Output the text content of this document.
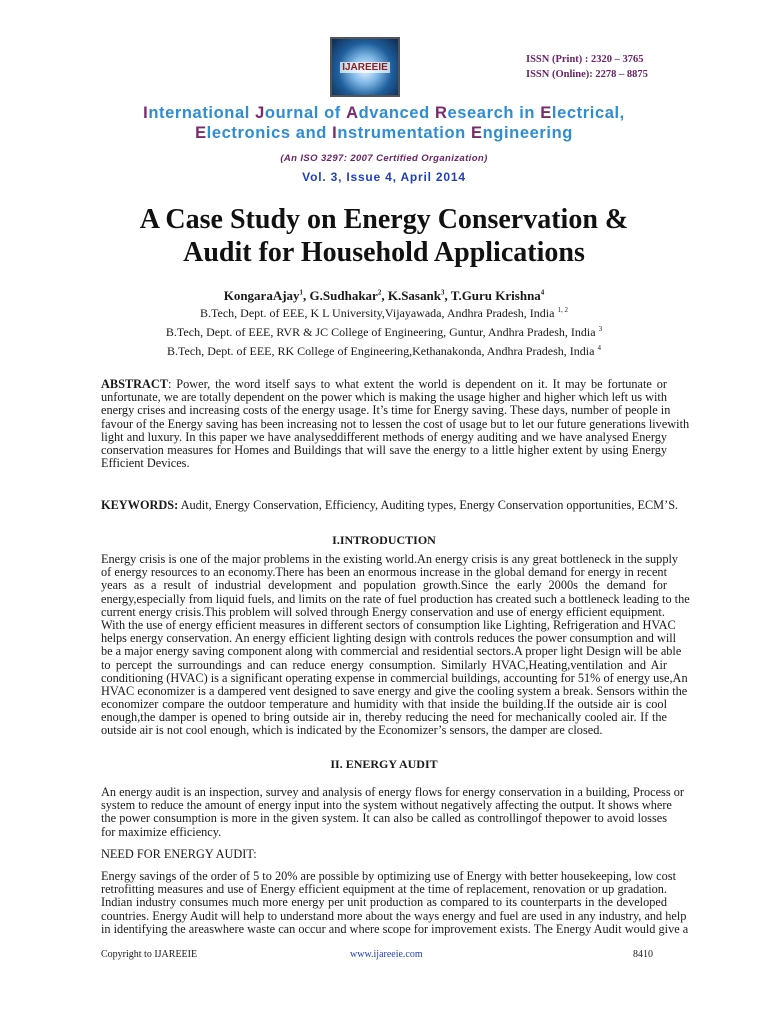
IJAREEIE
ISSN (Print) : 2320 – 3765
ISSN (Online): 2278 – 8875
International Journal of Advanced Research in Electrical,
Electronics and Instrumentation Engineering
(An ISO 3297: 2007 Certified Organization)
Vol. 3, Issue 4, April 2014
A Case Study on Energy Conservation &
Audit for Household Applications
KongaraAjay$^1$, G.Sudhakar$^2$, K.Sasank$^3$, T.Guru Krishna$^4$
B.Tech, Dept. of EEE, K L University,Vijayawada, Andhra Pradesh, India $^{1, 2}$
B.Tech, Dept. of EEE, RVR & JC College of Engineering, Guntur, Andhra Pradesh, India $^3$
B.Tech, Dept. of EEE, RK College of Engineering,Kethanakonda, Andhra Pradesh, India $^4$
ABSTRACT: Power, the word itself says to what extent the world is dependent on it. It may be fortunate or
unfortunate, we are totally dependent on the power which is making the usage higher and higher which left us with
energy crises and increasing costs of the energy usage. It’s time for Energy saving. These days, number of people in
favour of the Energy saving has been increasing not to lessen the cost of usage but to let our future generations livewith
light and luxury. In this paper we have analyseddifferent methods of energy auditing and we have analysed Energy
conservation measures for Homes and Buildings that will save the energy to a little higher extent by using Energy
Efficient Devices.
KEYWORDS: Audit, Energy Conservation, Efficiency, Auditing types, Energy Conservation opportunities, ECM’S.
I.INTRODUCTION
Energy crisis is one of the major problems in the existing world.An energy crisis is any great bottleneck in the supply
of energy resources to an economy.There has been an enormous increase in the global demand for energy in recent
years as a result of industrial development and population growth.Since the early 2000s the demand for
energy,especially from liquid fuels, and limits on the rate of fuel production has created such a bottleneck leading to the
current energy crisis.This problem will solved through Energy conservation and use of energy efficient equipment.
With the use of energy efficient measures in different sectors of consumption like Lighting, Refrigeration and HVAC
helps energy conservation. An energy efficient lighting design with controls reduces the power consumption and will
be a major energy saving component along with commercial and residential sectors.A proper light Design will be able
to percept the surroundings and can reduce energy consumption. Similarly HVAC,Heating,ventilation and Air
conditioning (HVAC) is a significant operating expense in commercial buildings, accounting for 51% of energy use,An
HVAC economizer is a dampered vent designed to save energy and give the cooling system a break. Sensors within the
economizer compare the outdoor temperature and humidity with that inside the building.If the outside air is cool
enough,the damper is opened to bring outside air in, thereby reducing the need for mechanically cooled air. If the
outside air is not cool enough, which is indicated by the Economizer’s sensors, the damper are closed.
II. ENERGY AUDIT
An energy audit is an inspection, survey and analysis of energy flows for energy conservation in a building, Process or
system to reduce the amount of energy input into the system without negatively affecting the output. It shows where
the power consumption is more in the given system. It can also be called as controllingof thepower to avoid losses
for maximize efficiency.
NEED FOR ENERGY AUDIT:
Energy savings of the order of 5 to 20% are possible by optimizing use of Energy with better housekeeping, low cost
retrofitting measures and use of Energy efficient equipment at the time of replacement, renovation or up gradation.
Indian industry consumes much more energy per unit production as compared to its counterparts in the developed
countries. Energy Audit will help to understand more about the ways energy and fuel are used in any industry, and help
in identifying the areaswhere waste can occur and where scope for improvement exists. The Energy Audit would give a
Copyright to IJAREEIE	www.ijareeie.com	8410
